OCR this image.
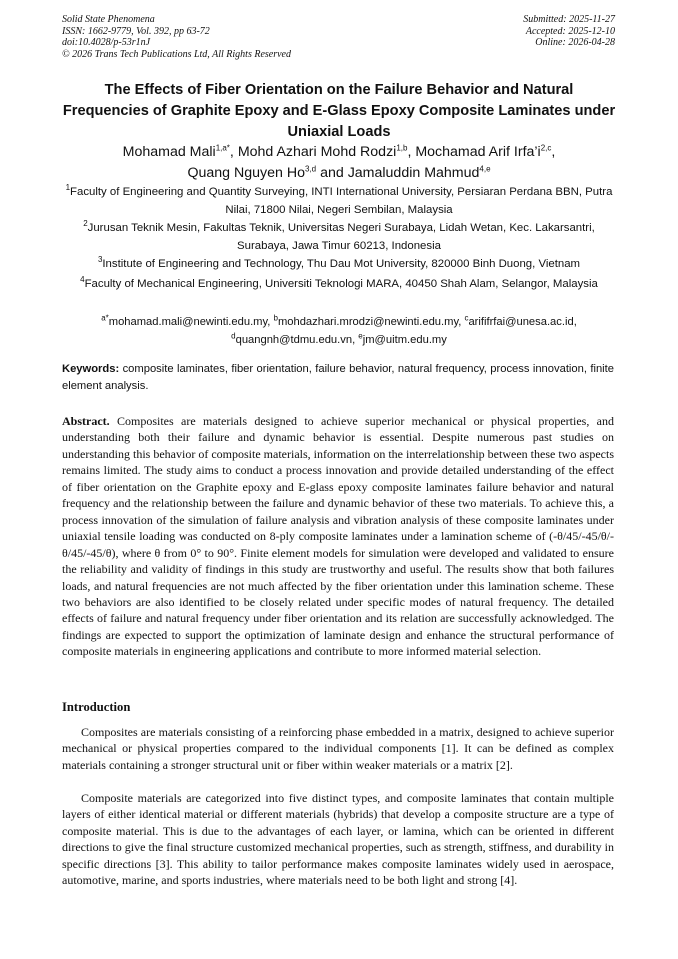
Solid State Phenomena
ISSN: 1662-9779, Vol. 392, pp 63-72
doi:10.4028/p-53r1nJ
© 2026 Trans Tech Publications Ltd, All Rights Reserved
Submitted: 2025-11-27
Accepted: 2025-12-10
Online: 2026-04-28
The Effects of Fiber Orientation on the Failure Behavior and Natural Frequencies of Graphite Epoxy and E-Glass Epoxy Composite Laminates under Uniaxial Loads
Mohamad Mali$^{1,a*}$, Mohd Azhari Mohd Rodzi$^{1,b}$, Mochamad Arif $Irfa’i^{2,c}$,
Quang Nguyen Ho$^{3,d}$ and Jamaluddin Mahmud$^{4,e}$
$^1$Faculty of Engineering and Quantity Surveying, INTI International University, Persiaran Perdana BBN, Putra Nilai, 71800 Nilai, Negeri Sembilan, Malaysia
$^2$Jurusan Teknik Mesin, Fakultas Teknik, Universitas Negeri Surabaya, Lidah Wetan, Kec. Lakarsantri, Surabaya, Jawa Timur 60213, Indonesia
$^3$Institute of Engineering and Technology, Thu Dau Mot University, 820000 Binh Duong, Vietnam
$^4$Faculty of Mechanical Engineering, Universiti Teknologi MARA, 40450 Shah Alam, Selangor, Malaysia
$^{a*}$mohamad.mali@newinti.edu.my, $^b$mohdazhari.mrodzi@newinti.edu.my, $^c$arififrfai@unesa.ac.id,
$^d$quangnh@tdmu.edu.vn, $^e$jm@uitm.edu.my
Keywords: composite laminates, fiber orientation, failure behavior, natural frequency, process innovation, finite element analysis.
Abstract. Composites are materials designed to achieve superior mechanical or physical properties, and understanding both their failure and dynamic behavior is essential. Despite numerous past studies on understanding this behavior of composite materials, information on the interrelationship between these two aspects remains limited. The study aims to conduct a process innovation and provide detailed understanding of the effect of fiber orientation on the Graphite epoxy and E-glass epoxy composite laminates failure behavior and natural frequency and the relationship between the failure and dynamic behavior of these two materials. To achieve this, a process innovation of the simulation of failure analysis and vibration analysis of these composite laminates under uniaxial tensile loading was conducted on 8-ply composite laminates under a lamination scheme of (-θ/45/-45/θ/-θ/45/-45/θ), where θ from 0° to 90°. Finite element models for simulation were developed and validated to ensure the reliability and validity of findings in this study are trustworthy and useful. The results show that both failures loads, and natural frequencies are not much affected by the fiber orientation under this lamination scheme. These two behaviors are also identified to be closely related under specific modes of natural frequency. The detailed effects of failure and natural frequency under fiber orientation and its relation are successfully acknowledged. The findings are expected to support the optimization of laminate design and enhance the structural performance of composite materials in engineering applications and contribute to more informed material selection.
Introduction

Composites are materials consisting of a reinforcing phase embedded in a matrix, designed to achieve superior mechanical or physical properties compared to the individual components [1]. It can be defined as complex materials containing a stronger structural unit or fiber within weaker materials or a matrix [2].

Composite materials are categorized into five distinct types, and composite laminates that contain multiple layers of either identical material or different materials (hybrids) that develop a composite structure are a type of composite material. This is due to the advantages of each layer, or lamina, which can be oriented in different directions to give the final structure customized mechanical properties, such as strength, stiffness, and durability in specific directions [3]. This ability to tailor performance makes composite laminates widely used in aerospace, automotive, marine, and sports industries, where materials need to be both light and strong [4].
